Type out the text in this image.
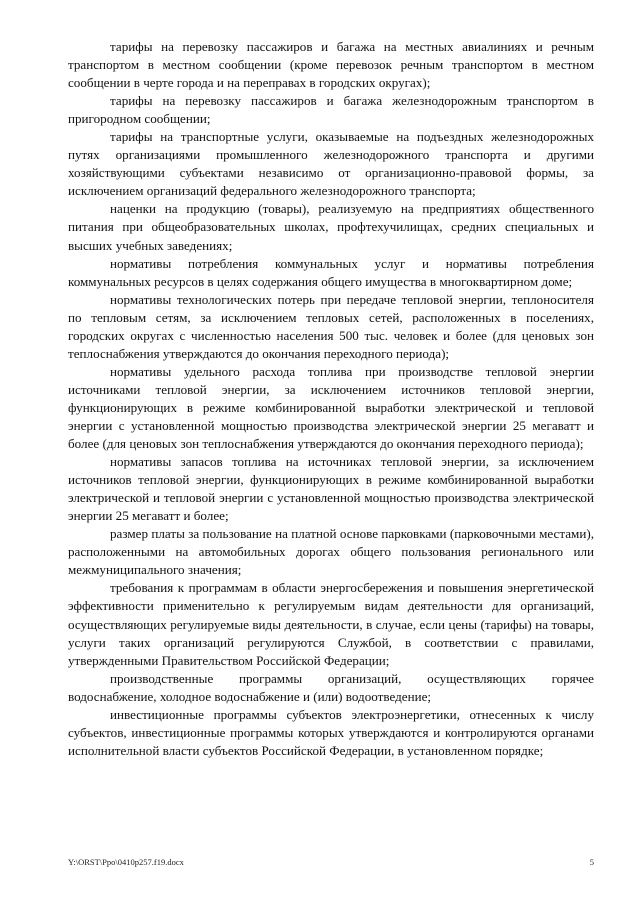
тарифы на перевозку пассажиров и багажа на местных авиалиниях и речным транспортом в местном сообщении (кроме перевозок речным транспортом в местном сообщении в черте города и на переправах в городских округах);

тарифы на перевозку пассажиров и багажа железнодорожным транспортом в пригородном сообщении;

тарифы на транспортные услуги, оказываемые на подъездных железнодорожных путях организациями промышленного железнодорожного транспорта и другими хозяйствующими субъектами независимо от организационно-правовой формы, за исключением организаций федерального железнодорожного транспорта;

наценки на продукцию (товары), реализуемую на предприятиях общественного питания при общеобразовательных школах, профтехучилищах, средних специальных и высших учебных заведениях;

нормативы потребления коммунальных услуг и нормативы потребления коммунальных ресурсов в целях содержания общего имущества в многоквартирном доме;

нормативы технологических потерь при передаче тепловой энергии, теплоносителя по тепловым сетям, за исключением тепловых сетей, расположенных в поселениях, городских округах с численностью населения 500 тыс. человек и более (для ценовых зон теплоснабжения утверждаются до окончания переходного периода);

нормативы удельного расхода топлива при производстве тепловой энергии источниками тепловой энергии, за исключением источников тепловой энергии, функционирующих в режиме комбинированной выработки электрической и тепловой энергии с установленной мощностью производства электрической энергии 25 мегаватт и более (для ценовых зон теплоснабжения утверждаются до окончания переходного периода);

нормативы запасов топлива на источниках тепловой энергии, за исключением источников тепловой энергии, функционирующих в режиме комбинированной выработки электрической и тепловой энергии с установленной мощностью производства электрической энергии 25 мегаватт и более;

размер платы за пользование на платной основе парковками (парковочными местами), расположенными на автомобильных дорогах общего пользования регионального или межмуниципального значения;

требования к программам в области энергосбережения и повышения энергетической эффективности применительно к регулируемым видам деятельности для организаций, осуществляющих регулируемые виды деятельности, в случае, если цены (тарифы) на товары, услуги таких организаций регулируются Службой, в соответствии с правилами, утвержденными Правительством Российской Федерации;

производственные программы организаций, осуществляющих горячее водоснабжение, холодное водоснабжение и (или) водоотведение;

инвестиционные программы субъектов электроэнергетики, отнесенных к числу субъектов, инвестиционные программы которых утверждаются и контролируются органами исполнительной власти субъектов Российской Федерации, в установленном порядке;

Y:\ORST\Ppo\0410p257.f19.docx	5
